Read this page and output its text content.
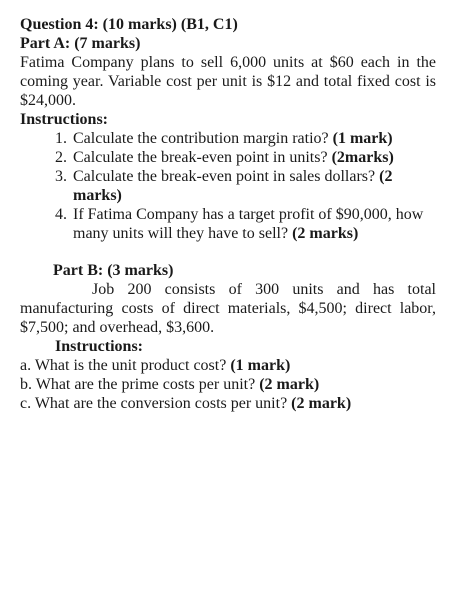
Question 4: (10 marks) (B1, C1)
Part A: (7 marks)
Fatima Company plans to sell 6,000 units at $60 each in the coming year. Variable cost per unit is $12 and total fixed cost is $24,000.
Instructions:
1. Calculate the contribution margin ratio? (1 mark)
2. Calculate the break-even point in units? (2marks)
3. Calculate the break-even point in sales dollars? (2 marks)
4. If Fatima Company has a target profit of $90,000, how many units will they have to sell? (2 marks)
Part B: (3 marks)
Job 200 consists of 300 units and has total manufacturing costs of direct materials, $4,500; direct labor, $7,500; and overhead, $3,600.
Instructions:
a. What is the unit product cost? (1 mark)
b. What are the prime costs per unit? (2 mark)
c. What are the conversion costs per unit? (2 mark)
